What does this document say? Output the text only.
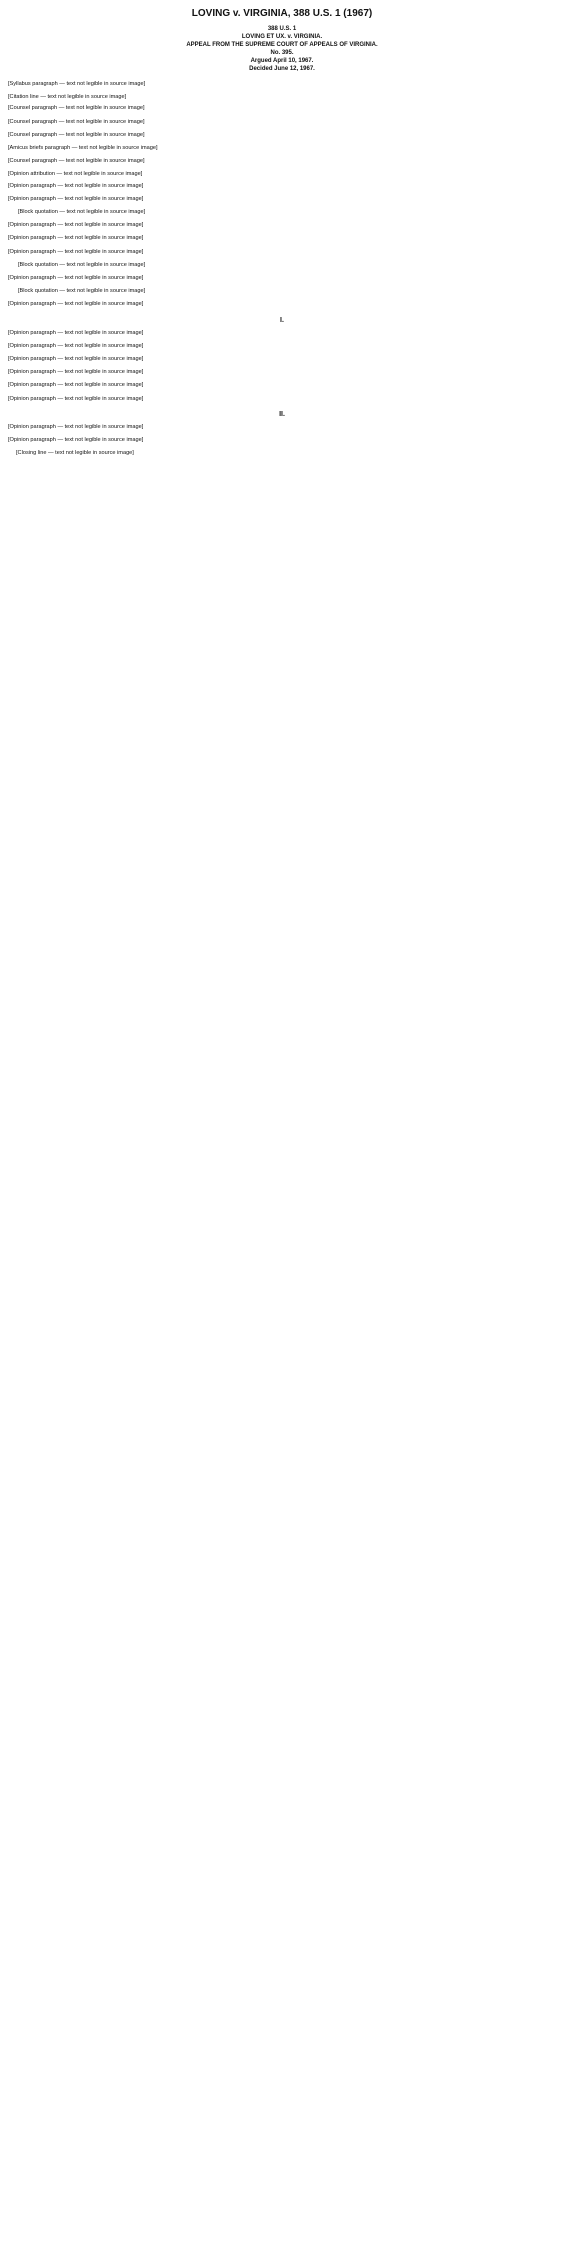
LOVING v. VIRGINIA, 388 U.S. 1 (1967)
388 U.S. 1
LOVING ET UX. v. VIRGINIA.
APPEAL FROM THE SUPREME COURT OF APPEALS OF VIRGINIA.
No. 395.
Argued April 10, 1967.
Decided June 12, 1967.

[Syllabus paragraph — text not legible in source image]

[Citation line — text not legible in source image]

[Counsel paragraph — text not legible in source image]

[Counsel paragraph — text not legible in source image]

[Counsel paragraph — text not legible in source image]

[Amicus briefs paragraph — text not legible in source image]

[Counsel paragraph — text not legible in source image]

[Opinion attribution — text not legible in source image]

[Opinion paragraph — text not legible in source image]

[Opinion paragraph — text not legible in source image]

[Block quotation — text not legible in source image]

[Opinion paragraph — text not legible in source image]

[Opinion paragraph — text not legible in source image]

[Opinion paragraph — text not legible in source image]

[Block quotation — text not legible in source image]

[Opinion paragraph — text not legible in source image]

[Block quotation — text not legible in source image]

[Opinion paragraph — text not legible in source image]

I.

[Opinion paragraph — text not legible in source image]

[Opinion paragraph — text not legible in source image]

[Opinion paragraph — text not legible in source image]

[Opinion paragraph — text not legible in source image]

[Opinion paragraph — text not legible in source image]

[Opinion paragraph — text not legible in source image]

II.

[Opinion paragraph — text not legible in source image]

[Opinion paragraph — text not legible in source image]

[Closing line — text not legible in source image]
